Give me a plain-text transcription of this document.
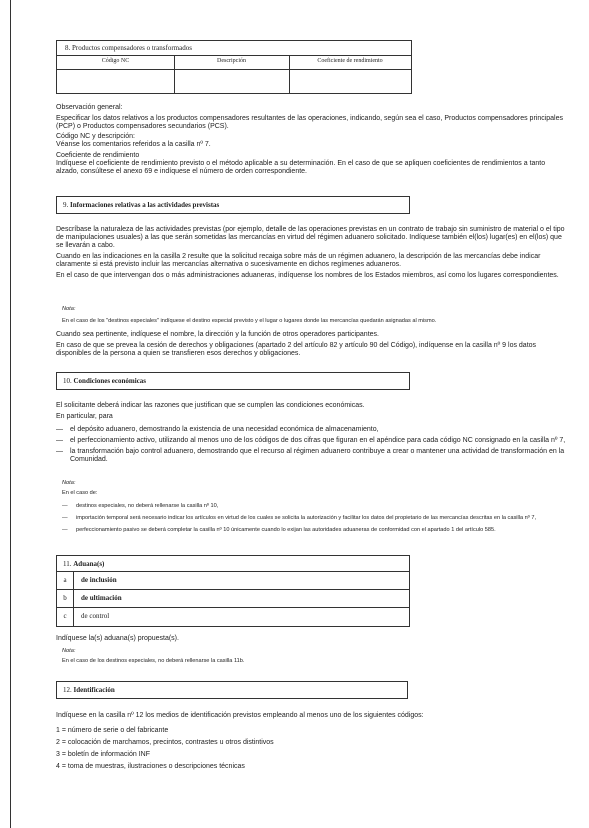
8. Productos compensadores o transformados
Código NC	Descripción	Coeficiente de rendimiento

Observación general:

Especificar los datos relativos a los productos compensadores resultantes de las operaciones, indicando, según sea el caso, Productos compensadores principales (PCP) o Productos compensadores secundarios (PCS).

Código NC y descripción:

Véanse los comentarios referidos a la casilla nº 7.

Coeficiente de rendimiento

Indíquese el coeficiente de rendimiento previsto o el método aplicable a su determinación. En el caso de que se apliquen coeficientes de rendimientos a tanto alzado, consúltese el anexo 69 e indíquese el número de orden correspondiente.

9.
Informaciones relativas a las actividades previstas

Descríbase la naturaleza de las actividades previstas (por ejemplo, detalle de las operaciones previstas en un contrato de trabajo sin suministro de material o el tipo de manipulaciones usuales) a las que serán sometidas las mercancías en virtud del régimen aduanero solicitado. Indíquese también el(los) lugar(es) en el(los) que se llevarán a cabo.

Cuando en las indicaciones en la casilla 2 resulte que la solicitud recaiga sobre más de un régimen aduanero, la descripción de las mercancías debe indicar claramente si está previsto incluir las mercancías alternativa o sucesivamente en dichos regímenes aduaneros.

En el caso de que intervengan dos o más administraciones aduaneras, indíquense los nombres de los Estados miembros, así como los lugares correspondientes.

Nota:

En el caso de los "destinos especiales" indíquese el destino especial previsto y el lugar o lugares donde las mercancías quedarán asignadas al mismo.

Cuando sea pertinente, indíquese el nombre, la dirección y la función de otros operadores participantes.

En caso de que se prevea la cesión de derechos y obligaciones (apartado 2 del artículo 82 y artículo 90 del Código), indíquense en la casilla nº 9 los datos disponibles de la persona a quien se transfieren esos derechos y obligaciones.

10.
Condiciones económicas

El solicitante deberá indicar las razones que justifican que se cumplen las condiciones económicas.

En particular, para

— el depósito aduanero, demostrando la existencia de una necesidad económica de almacenamiento,
— el perfeccionamiento activo, utilizando al menos uno de los códigos de dos cifras que figuran en el apéndice para cada código NC consignado en la casilla nº 7,
— la transformación bajo control aduanero, demostrando que el recurso al régimen aduanero contribuye a crear o mantener una actividad de transformación en la Comunidad.

Nota:

En el caso de:

— destinos especiales, no deberá rellenarse la casilla nº 10,
— importación temporal será necesario indicar los artículos en virtud de los cuales se solicita la autorización y facilitar los datos del propietario de las mercancías descritas en la casilla nº 7,
— perfeccionamiento pasivo se deberá completar la casilla nº 10 únicamente cuando lo exijan las autoridades aduaneras de conformidad con el apartado 1 del artículo 585.
11. Aduana(s)
a	de inclusión
b	de ultimación
c	de control

Indíquese la(s) aduana(s) propuesta(s).

Nota:

En el caso de los destinos especiales, no deberá rellenarse la casilla 11b.

12.
Identificación

Indíquese en la casilla nº 12 los medios de identificación previstos empleando al menos uno de los siguientes códigos:

1 = número de serie o del fabricante

2 = colocación de marchamos, precintos, contrastes u otros distintivos

3 = boletín de información INF

4 = toma de muestras, ilustraciones o descripciones técnicas
